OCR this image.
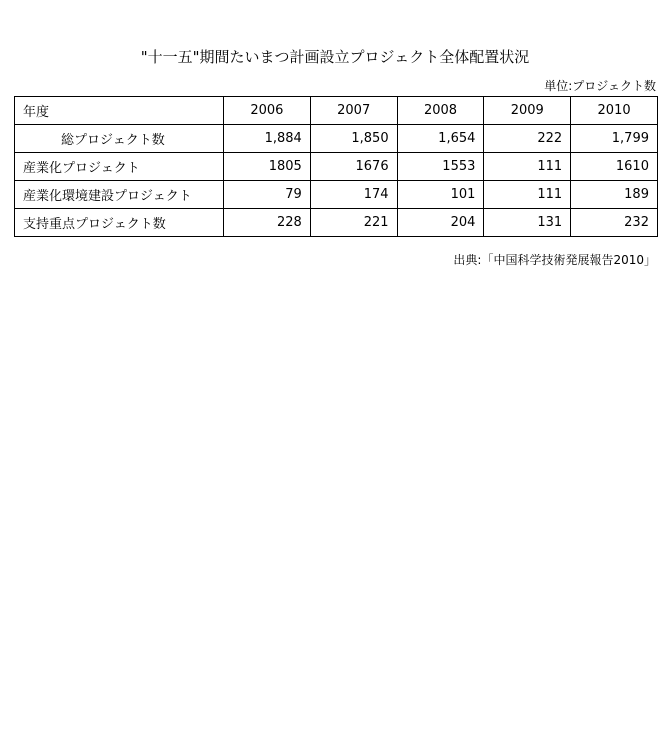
"十一五"期間たいまつ計画設立プロジェクト全体配置状況
単位:プロジェクト数
年度	2006	2007	2008	2009	2010
総プロジェクト数	1,884	1,850	1,654	222	1,799
産業化プロジェクト	1805	1676	1553	111	1610
産業化環境建設プロジェクト	79	174	101	111	189
支持重点プロジェクト数	228	221	204	131	232
出典:「中国科学技術発展報告2010」
